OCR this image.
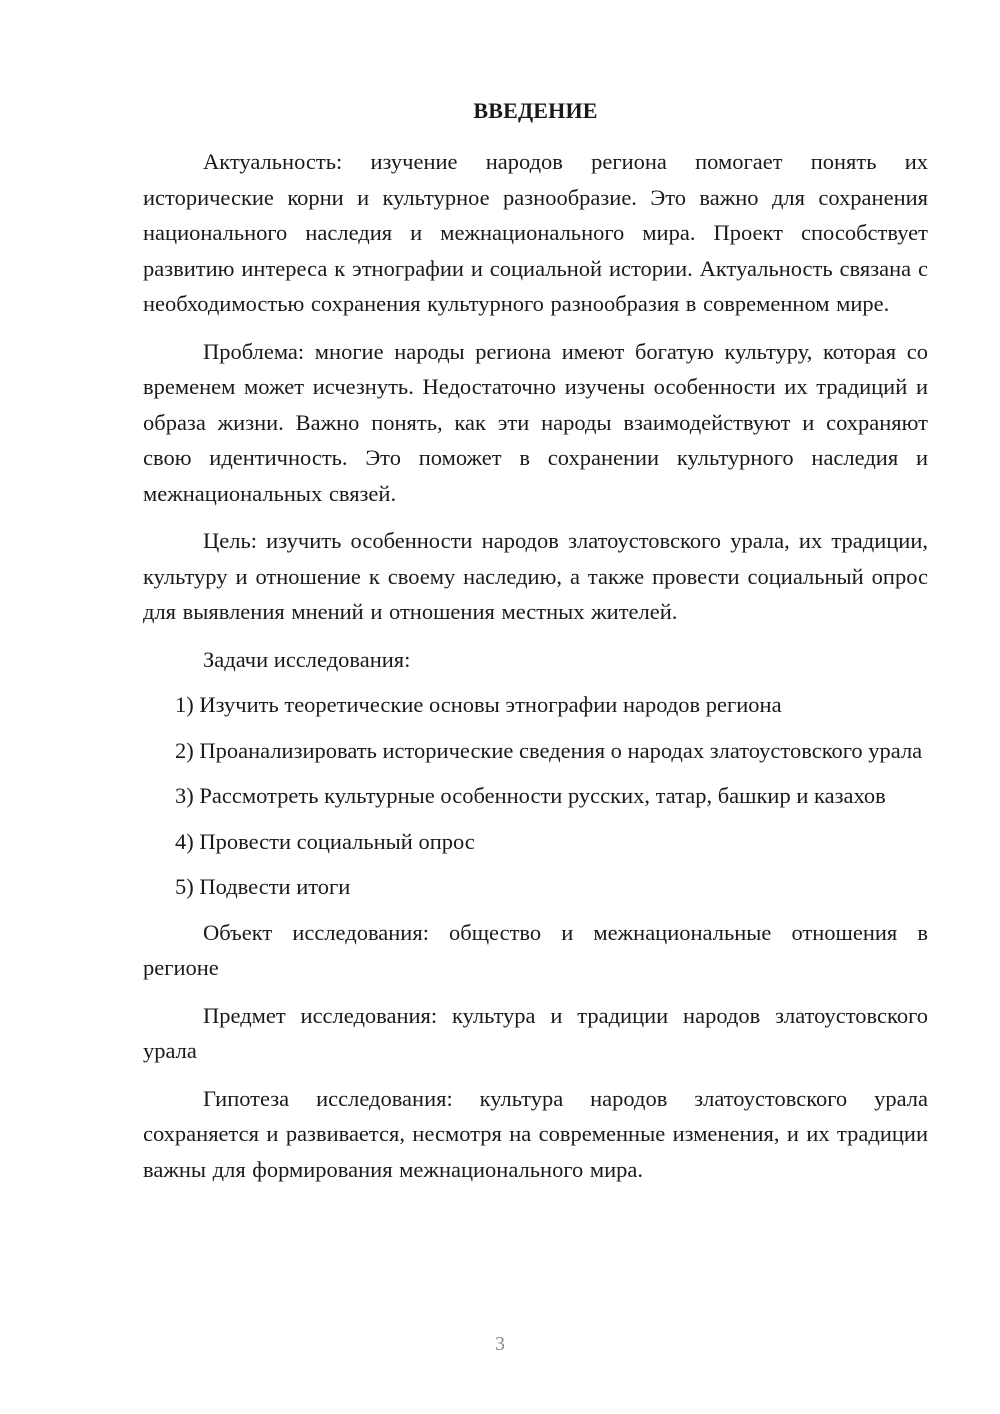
ВВЕДЕНИЕ

Актуальность: изучение народов региона помогает понять их исторические корни и культурное разнообразие. Это важно для сохранения национального наследия и межнационального мира. Проект способствует развитию интереса к этнографии и социальной истории. Актуальность связана с необходимостью сохранения культурного разнообразия в современном мире.

Проблема: многие народы региона имеют богатую культуру, которая со временем может исчезнуть. Недостаточно изучены особенности их традиций и образа жизни. Важно понять, как эти народы взаимодействуют и сохраняют свою идентичность. Это поможет в сохранении культурного наследия и межнациональных связей.

Цель: изучить особенности народов златоустовского урала, их традиции, культуру и отношение к своему наследию, а также провести социальный опрос для выявления мнений и отношения местных жителей.

Задачи исследования:

1) Изучить теоретические основы этнографии народов региона

2) Проанализировать исторические сведения о народах златоустовского урала

3) Рассмотреть культурные особенности русских, татар, башкир и казахов

4) Провести социальный опрос

5) Подвести итоги

Объект исследования: общество и межнациональные отношения в регионе

Предмет исследования: культура и традиции народов златоустовского урала

Гипотеза исследования: культура народов златоустовского урала сохраняется и развивается, несмотря на современные изменения, и их традиции важны для формирования межнационального мира.

3
